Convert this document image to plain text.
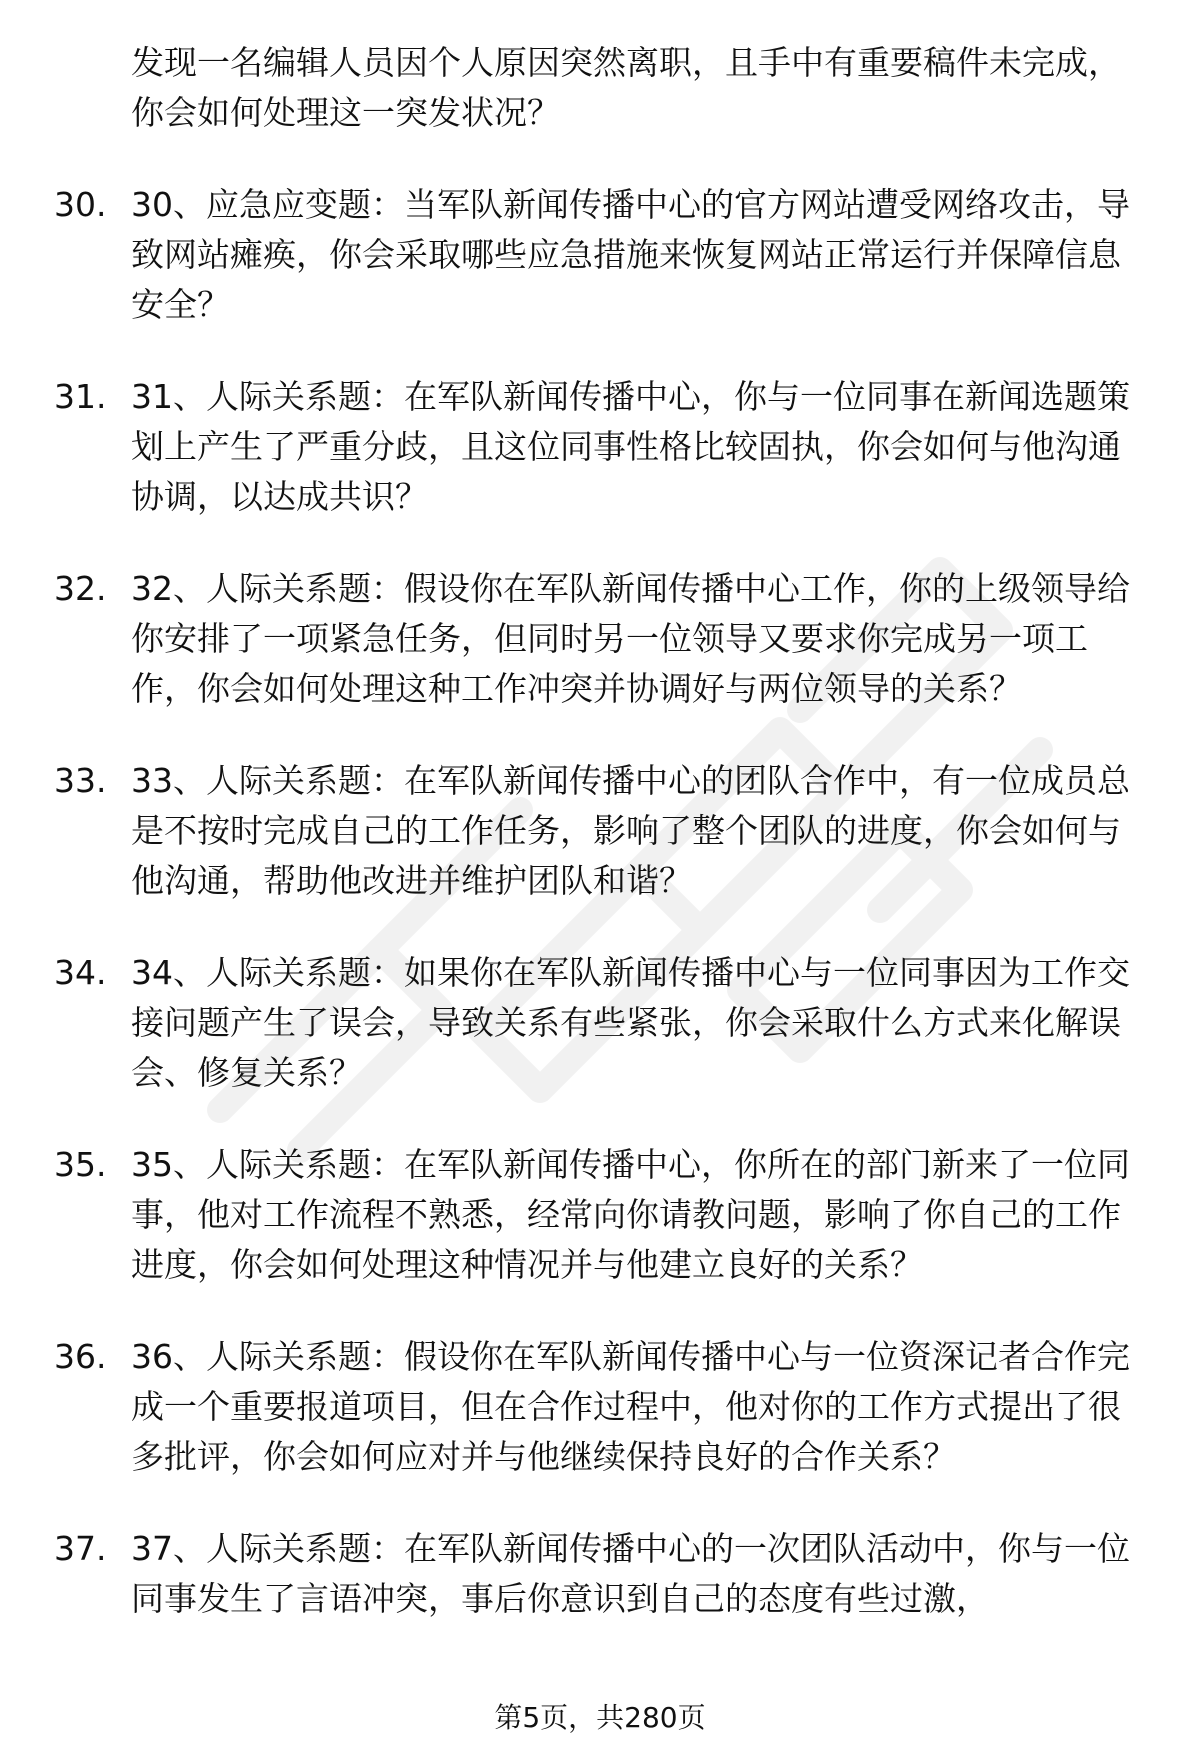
发现一名编辑人员因个人原因突然离职，且手中有重要稿件未完成，你会如何处理这一突发状况？
30. 30、应急应变题：当军队新闻传播中心的官方网站遭受网络攻击，导致网站瘫痪，你会采取哪些应急措施来恢复网站正常运行并保障信息安全？
31. 31、人际关系题：在军队新闻传播中心，你与一位同事在新闻选题策划上产生了严重分歧，且这位同事性格比较固执，你会如何与他沟通协调，以达成共识？
32. 32、人际关系题：假设你在军队新闻传播中心工作，你的上级领导给你安排了一项紧急任务，但同时另一位领导又要求你完成另一项工作，你会如何处理这种工作冲突并协调好与两位领导的关系？
33. 33、人际关系题：在军队新闻传播中心的团队合作中，有一位成员总是不按时完成自己的工作任务，影响了整个团队的进度，你会如何与他沟通，帮助他改进并维护团队和谐？
34. 34、人际关系题：如果你在军队新闻传播中心与一位同事因为工作交接问题产生了误会，导致关系有些紧张，你会采取什么方式来化解误会、修复关系？
35. 35、人际关系题：在军队新闻传播中心，你所在的部门新来了一位同事，他对工作流程不熟悉，经常向你请教问题，影响了你自己的工作进度，你会如何处理这种情况并与他建立良好的关系？
36. 36、人际关系题：假设你在军队新闻传播中心与一位资深记者合作完成一个重要报道项目，但在合作过程中，他对你的工作方式提出了很多批评，你会如何应对并与他继续保持良好的合作关系？
37. 37、人际关系题：在军队新闻传播中心的一次团队活动中，你与一位同事发生了言语冲突，事后你意识到自己的态度有些过激，
第5页，共280页
